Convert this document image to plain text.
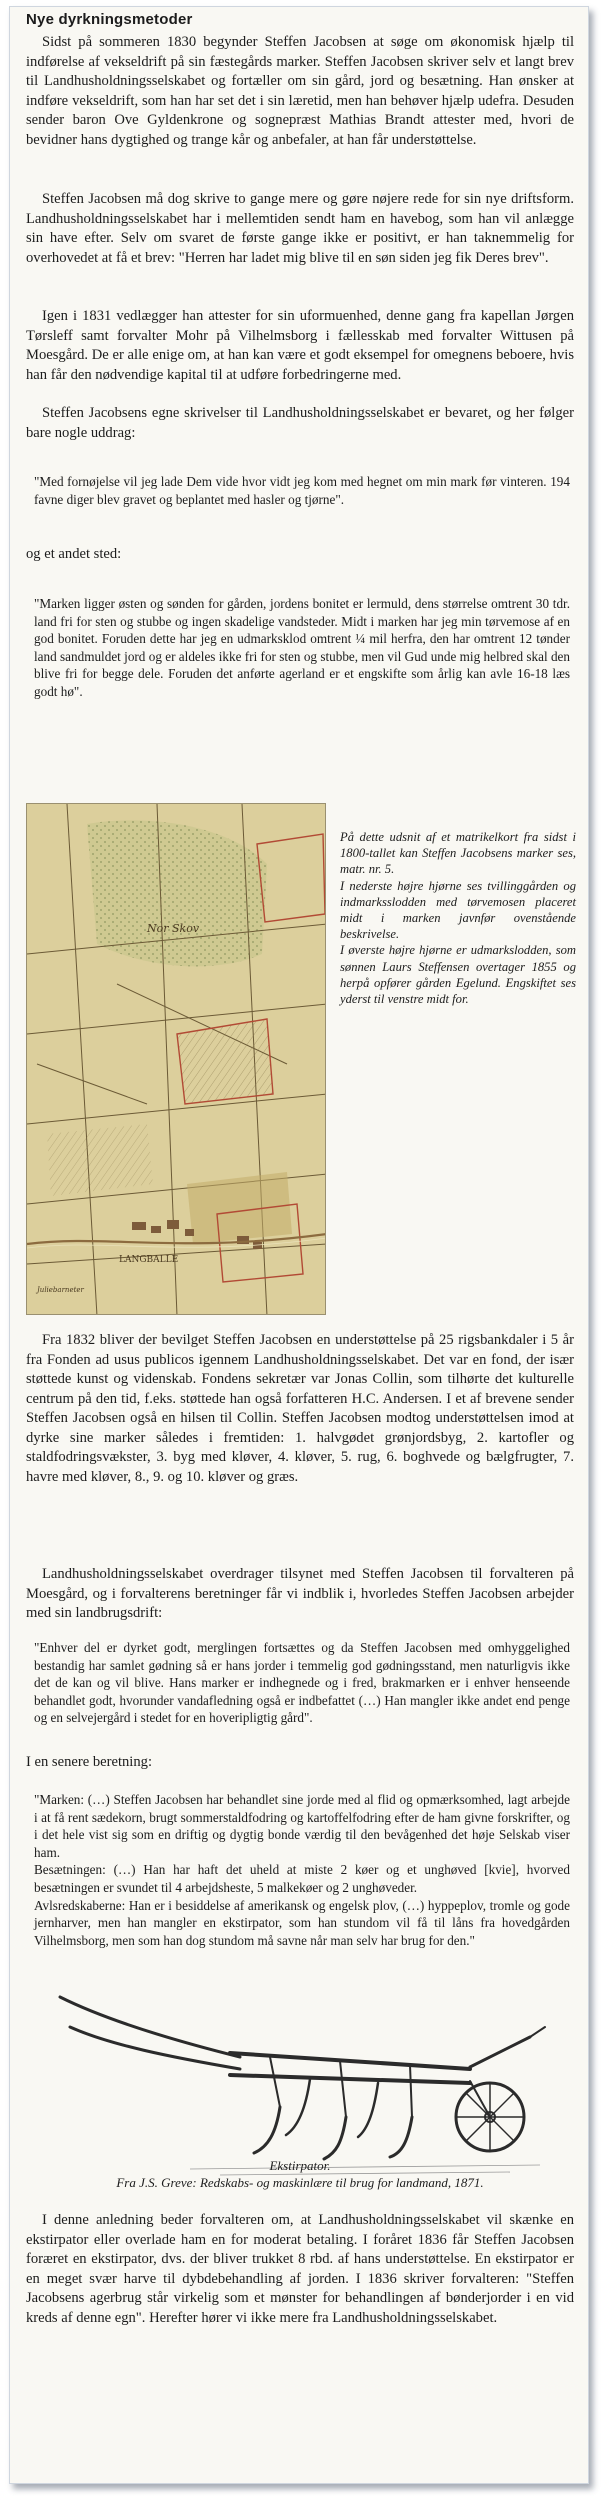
Nye dyrkningsmetoder

Sidst på sommeren 1830 begynder Steffen Jacobsen at søge om økonomisk hjælp til indførelse af vekseldrift på sin fæstegårds marker. Steffen Jacobsen skriver selv et langt brev til Landhusholdningsselskabet og fortæller om sin gård, jord og besætning. Han ønsker at indføre vekseldrift, som han har set det i sin læretid, men han behøver hjælp udefra. Desuden sender baron Ove Gyldenkrone og sognepræst Mathias Brandt attester med, hvori de bevidner hans dygtighed og trange kår og anbefaler, at han får understøttelse.

Steffen Jacobsen må dog skrive to gange mere og gøre nøjere rede for sin nye driftsform. Landhusholdningsselskabet har i mellemtiden sendt ham en havebog, som han vil anlægge sin have efter. Selv om svaret de første gange ikke er positivt, er han taknemmelig for overhovedet at få et brev: "Herren har ladet mig blive til en søn siden jeg fik Deres brev".

Igen i 1831 vedlægger han attester for sin uformuenhed, denne gang fra kapellan Jørgen Tørsleff samt forvalter Mohr på Vilhelmsborg i fællesskab med forvalter Wittusen på Moesgård. De er alle enige om, at han kan være et godt eksempel for omegnens beboere, hvis han får den nødvendige kapital til at udføre forbedringerne med.

Steffen Jacobsens egne skrivelser til Landhusholdningsselskabet er bevaret, og her følger bare nogle uddrag:

"Med fornøjelse vil jeg lade Dem vide hvor vidt jeg kom med hegnet om min mark før vinteren. 194 favne diger blev gravet og beplantet med hasler og tjørne".

og et andet sted:

"Marken ligger østen og sønden for gården, jordens bonitet er lermuld, dens størrelse omtrent 30 tdr. land fri for sten og stubbe og ingen skadelige vandsteder. Midt i marken har jeg min tørvemose af en god bonitet. Foruden dette har jeg en udmarksklod omtrent ¼ mil herfra, den har omtrent 12 tønder land sandmuldet jord og er aldeles ikke fri for sten og stubbe, men vil Gud unde mig helbred skal den blive fri for begge dele. Foruden det anførte agerland er et engskifte som årlig kan avle 16-18 læs godt hø".

Nor Skov
LANGBALLE
Juliebarneter

På dette udsnit af et matrikelkort fra sidst i 1800-tallet kan Steffen Jacobsens marker ses, matr. nr. 5.

I nederste højre hjørne ses tvillinggården og indmarksslodden med tørvemosen placeret midt i marken javnfør ovenstående beskrivelse.

I øverste højre hjørne er udmarkslodden, som sønnen Laurs Steffensen overtager 1855 og herpå opfører gården Egelund. Engskiftet ses yderst til venstre midt for.

Fra 1832 bliver der bevilget Steffen Jacobsen en understøttelse på 25 rigsbankdaler i 5 år fra Fonden ad usus publicos igennem Landhusholdningsselskabet. Det var en fond, der især støttede kunst og videnskab. Fondens sekretær var Jonas Collin, som tilhørte det kulturelle centrum på den tid, f.eks. støttede han også forfatteren H.C. Andersen. I et af brevene sender Steffen Jacobsen også en hilsen til Collin. Steffen Jacobsen modtog understøttelsen imod at dyrke sine marker således i fremtiden: 1. halvgødet grønjordsbyg, 2. kartofler og staldfodringsvækster, 3. byg med kløver, 4. kløver, 5. rug, 6. boghvede og bælgfrugter, 7. havre med kløver, 8., 9. og 10. kløver og græs.

Landhusholdningsselskabet overdrager tilsynet med Steffen Jacobsen til forvalteren på Moesgård, og i forvalterens beretninger får vi indblik i, hvorledes Steffen Jacobsen arbejder med sin landbrugsdrift:

"Enhver del er dyrket godt, merglingen fortsættes og da Steffen Jacobsen med omhyggelighed bestandig har samlet gødning så er hans jorder i temmelig god gødningsstand, men naturligvis ikke det de kan og vil blive. Hans marker er indhegnede og i fred, brakmarken er i enhver henseende behandlet godt, hvorunder vandafledning også er indbefattet (…) Han mangler ikke andet end penge og en selvejergård i stedet for en hoveripligtig gård".

I en senere beretning:

"Marken: (…) Steffen Jacobsen har behandlet sine jorde med al flid og opmærksomhed, lagt arbejde i at få rent sædekorn, brugt sommerstaldfodring og kartoffelfodring efter de ham givne forskrifter, og i det hele vist sig som en driftig og dygtig bonde værdig til den bevågenhed det høje Selskab viser ham.

Besætningen: (…) Han har haft det uheld at miste 2 køer og et unghøved [kvie], hvorved besætningen er svundet til 4 arbejdsheste, 5 malkekøer og 2 unghøveder.

Avlsredskaberne: Han er i besiddelse af amerikansk og engelsk plov, (…) hyppeplov, tromle og gode jernharver, men han mangler en ekstirpator, som han stundom vil få til låns fra hovedgården Vilhelmsborg, men som han dog stundom må savne når man selv har brug for den."

Ekstirpator.
Fra J.S. Greve: Redskabs- og maskinlære til brug for landmand, 1871.

I denne anledning beder forvalteren om, at Landhusholdningsselskabet vil skænke en ekstirpator eller overlade ham en for moderat betaling. I foråret 1836 får Steffen Jacobsen foræret en ekstirpator, dvs. der bliver trukket 8 rbd. af hans understøttelse. En ekstirpator er en meget svær harve til dybdebehandling af jorden. I 1836 skriver forvalteren: "Steffen Jacobsens agerbrug står virkelig som et mønster for behandlingen af bønderjorder i en vid kreds af denne egn". Herefter hører vi ikke mere fra Landhusholdningsselskabet.
